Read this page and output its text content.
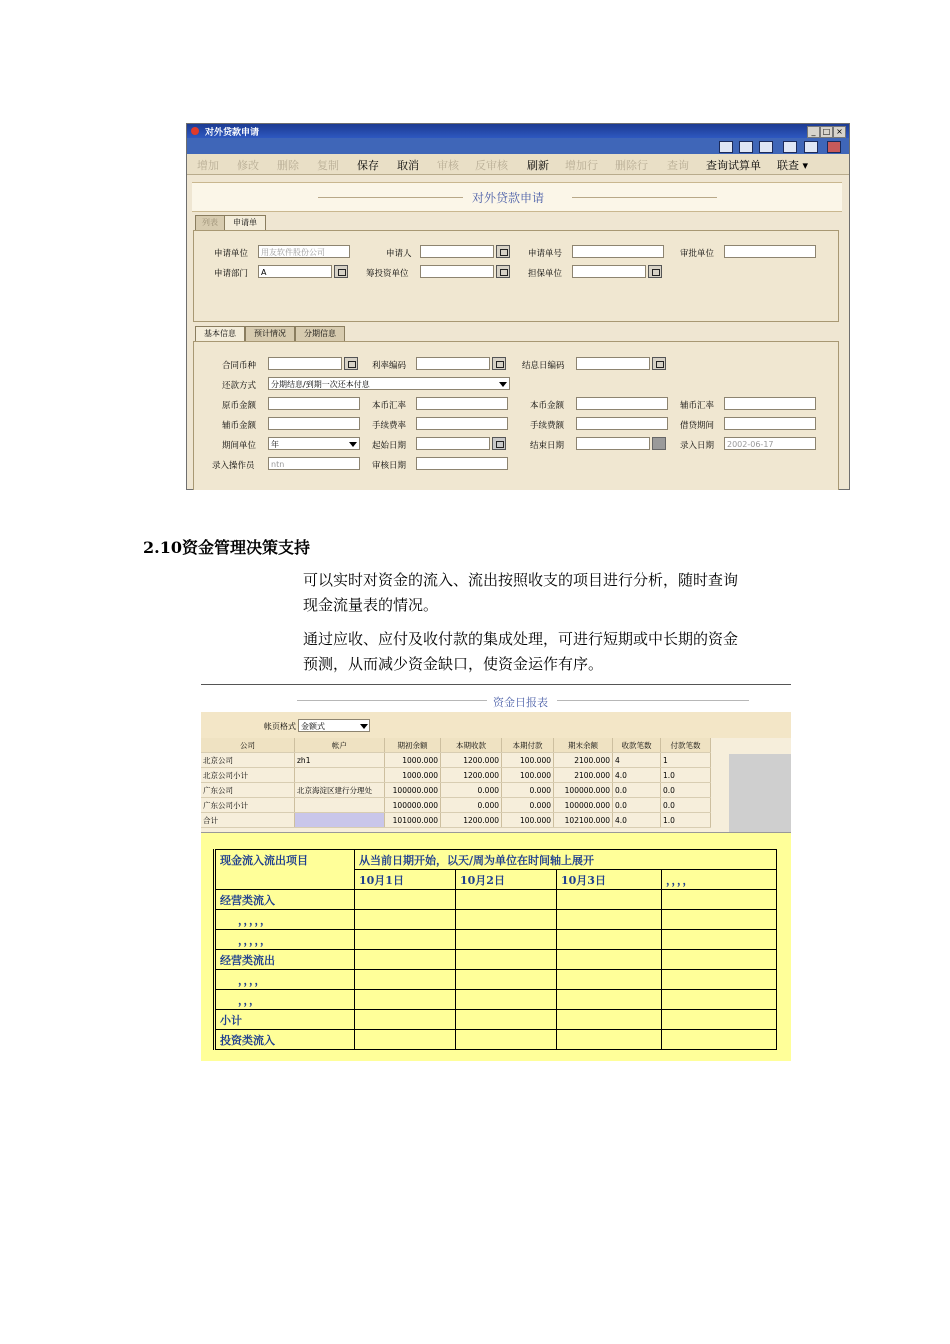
对外贷款申请	_ □ ×
增加 修改 删除 复制 保存 取消 审核 反审核 刷新 增加行 删除行 查询 查询试算单 联查 ▾
对外贷款申请
列表	申请单
申请单位	用友软件股份公司	申请人	申请单号	审批单位
申请部门	A	筹投资单位	担保单位
基本信息	预计情况	分期信息
合同币种	利率编码	结息日编码
还款方式	分期结息/到期一次还本付息
原币金额	本币汇率	本币金额	辅币汇率
辅币金额	手续费率	手续费额	借贷期间
期间单位	年	起始日期	结束日期	录入日期	2002-06-17
录入操作员	ntn	审核日期
2.10资金管理决策支持
可以实时对资金的流入、流出按照收支的项目进行分析，随时查询
现金流量表的情况。
通过应收、应付及收付款的集成处理，可进行短期或中长期的资金
预测，从而减少资金缺口，使资金运作有序。
资金日报表
帐页格式 金额式
公司	帐户	期初余额	本期收款	本期付款	期末余额	收款笔数	付款笔数
北京公司	zh1	1000.000	1200.000	100.000	2100.000	4	1
北京公司小计		1000.000	1200.000	100.000	2100.000	4.0	1.0
广东公司	北京海淀区建行分理处	100000.000	0.000	0.000	100000.000	0.0	0.0
广东公司小计		100000.000	0.000	0.000	100000.000	0.0	0.0
合计		101000.000	1200.000	100.000	102100.000	4.0	1.0
现金流入流出项目	从当前日期开始，以天/周为单位在时间轴上展开			
	10月1日	10月2日	10月3日	，，，，
经营类流入				
，，，，，				
，，，，，				
经营类流出				
，，，，				
，，，				
小计				
投资类流入				
